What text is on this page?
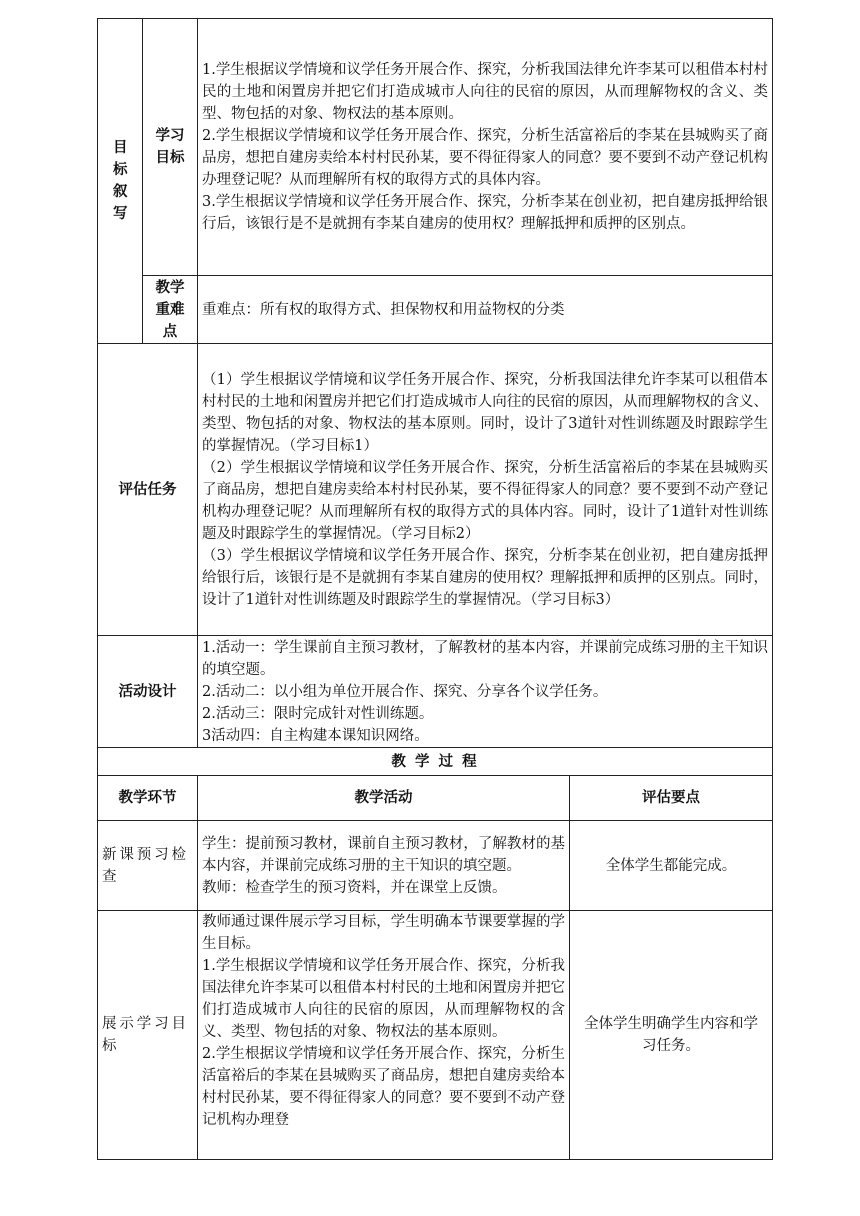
目标叙写	学习目标	1.学生根据议学情境和议学任务开展合作、探究，分析我国法律允许李某可以租借本村村民的土地和闲置房并把它们打造成城市人向往的民宿的原因，从而理解物权的含义、类型、物包括的对象、物权法的基本原则。

2.学生根据议学情境和议学任务开展合作、探究，分析生活富裕后的李某在县城购买了商品房，想把自建房卖给本村村民孙某，要不得征得家人的同意？要不要到不动产登记机构办理登记呢？从而理解所有权的取得方式的具体内容。

3.学生根据议学情境和议学任务开展合作、探究，分析李某在创业初，把自建房抵押给银行后，该银行是不是就拥有李某自建房的使用权？理解抵押和质押的区别点。	

	教学重难点	重难点：所有权的取得方式、担保物权和用益物权的分类	

评估任务		（1）学生根据议学情境和议学任务开展合作、探究，分析我国法律允许李某可以租借本村村民的土地和闲置房并把它们打造成城市人向往的民宿的原因，从而理解物权的含义、类型、物包括的对象、物权法的基本原则。同时，设计了3道针对性训练题及时跟踪学生的掌握情况。（学习目标1）

（2）学生根据议学情境和议学任务开展合作、探究，分析生活富裕后的李某在县城购买了商品房，想把自建房卖给本村村民孙某，要不得征得家人的同意？要不要到不动产登记机构办理登记呢？从而理解所有权的取得方式的具体内容。同时，设计了1道针对性训练题及时跟踪学生的掌握情况。（学习目标2）

（3）学生根据议学情境和议学任务开展合作、探究，分析李某在创业初，把自建房抵押给银行后，该银行是不是就拥有李某自建房的使用权？理解抵押和质押的区别点。同时，设计了1道针对性训练题及时跟踪学生的掌握情况。（学习目标3）	

活动设计		1.活动一：学生课前自主预习教材，了解教材的基本内容，并课前完成练习册的主干知识的填空题。

2.活动二：以小组为单位开展合作、探究、分享各个议学任务。

2.活动三：限时完成针对性训练题。

3活动四：自主构建本课知识网络。	

教 学 过 程			
教学环节		教学活动	评估要点

新课预习检查		学生：提前预习教材，课前自主预习教材，了解教材的基本内容，并课前完成练习册的主干知识的填空题。

教师：检查学生的预习资料，并在课堂上反馈。	全体学生都能完成。

展示学习目标		教师通过课件展示学习目标，学生明确本节课要掌握的学生目标。

1.学生根据议学情境和议学任务开展合作、探究，分析我国法律允许李某可以租借本村村民的土地和闲置房并把它们打造成城市人向往的民宿的原因，从而理解物权的含义、类型、物包括的对象、物权法的基本原则。

2.学生根据议学情境和议学任务开展合作、探究，分析生活富裕后的李某在县城购买了商品房，想把自建房卖给本村村民孙某，要不得征得家人的同意？要不要到不动产登记机构办理登	全体学生明确学生内容和学习任务。
